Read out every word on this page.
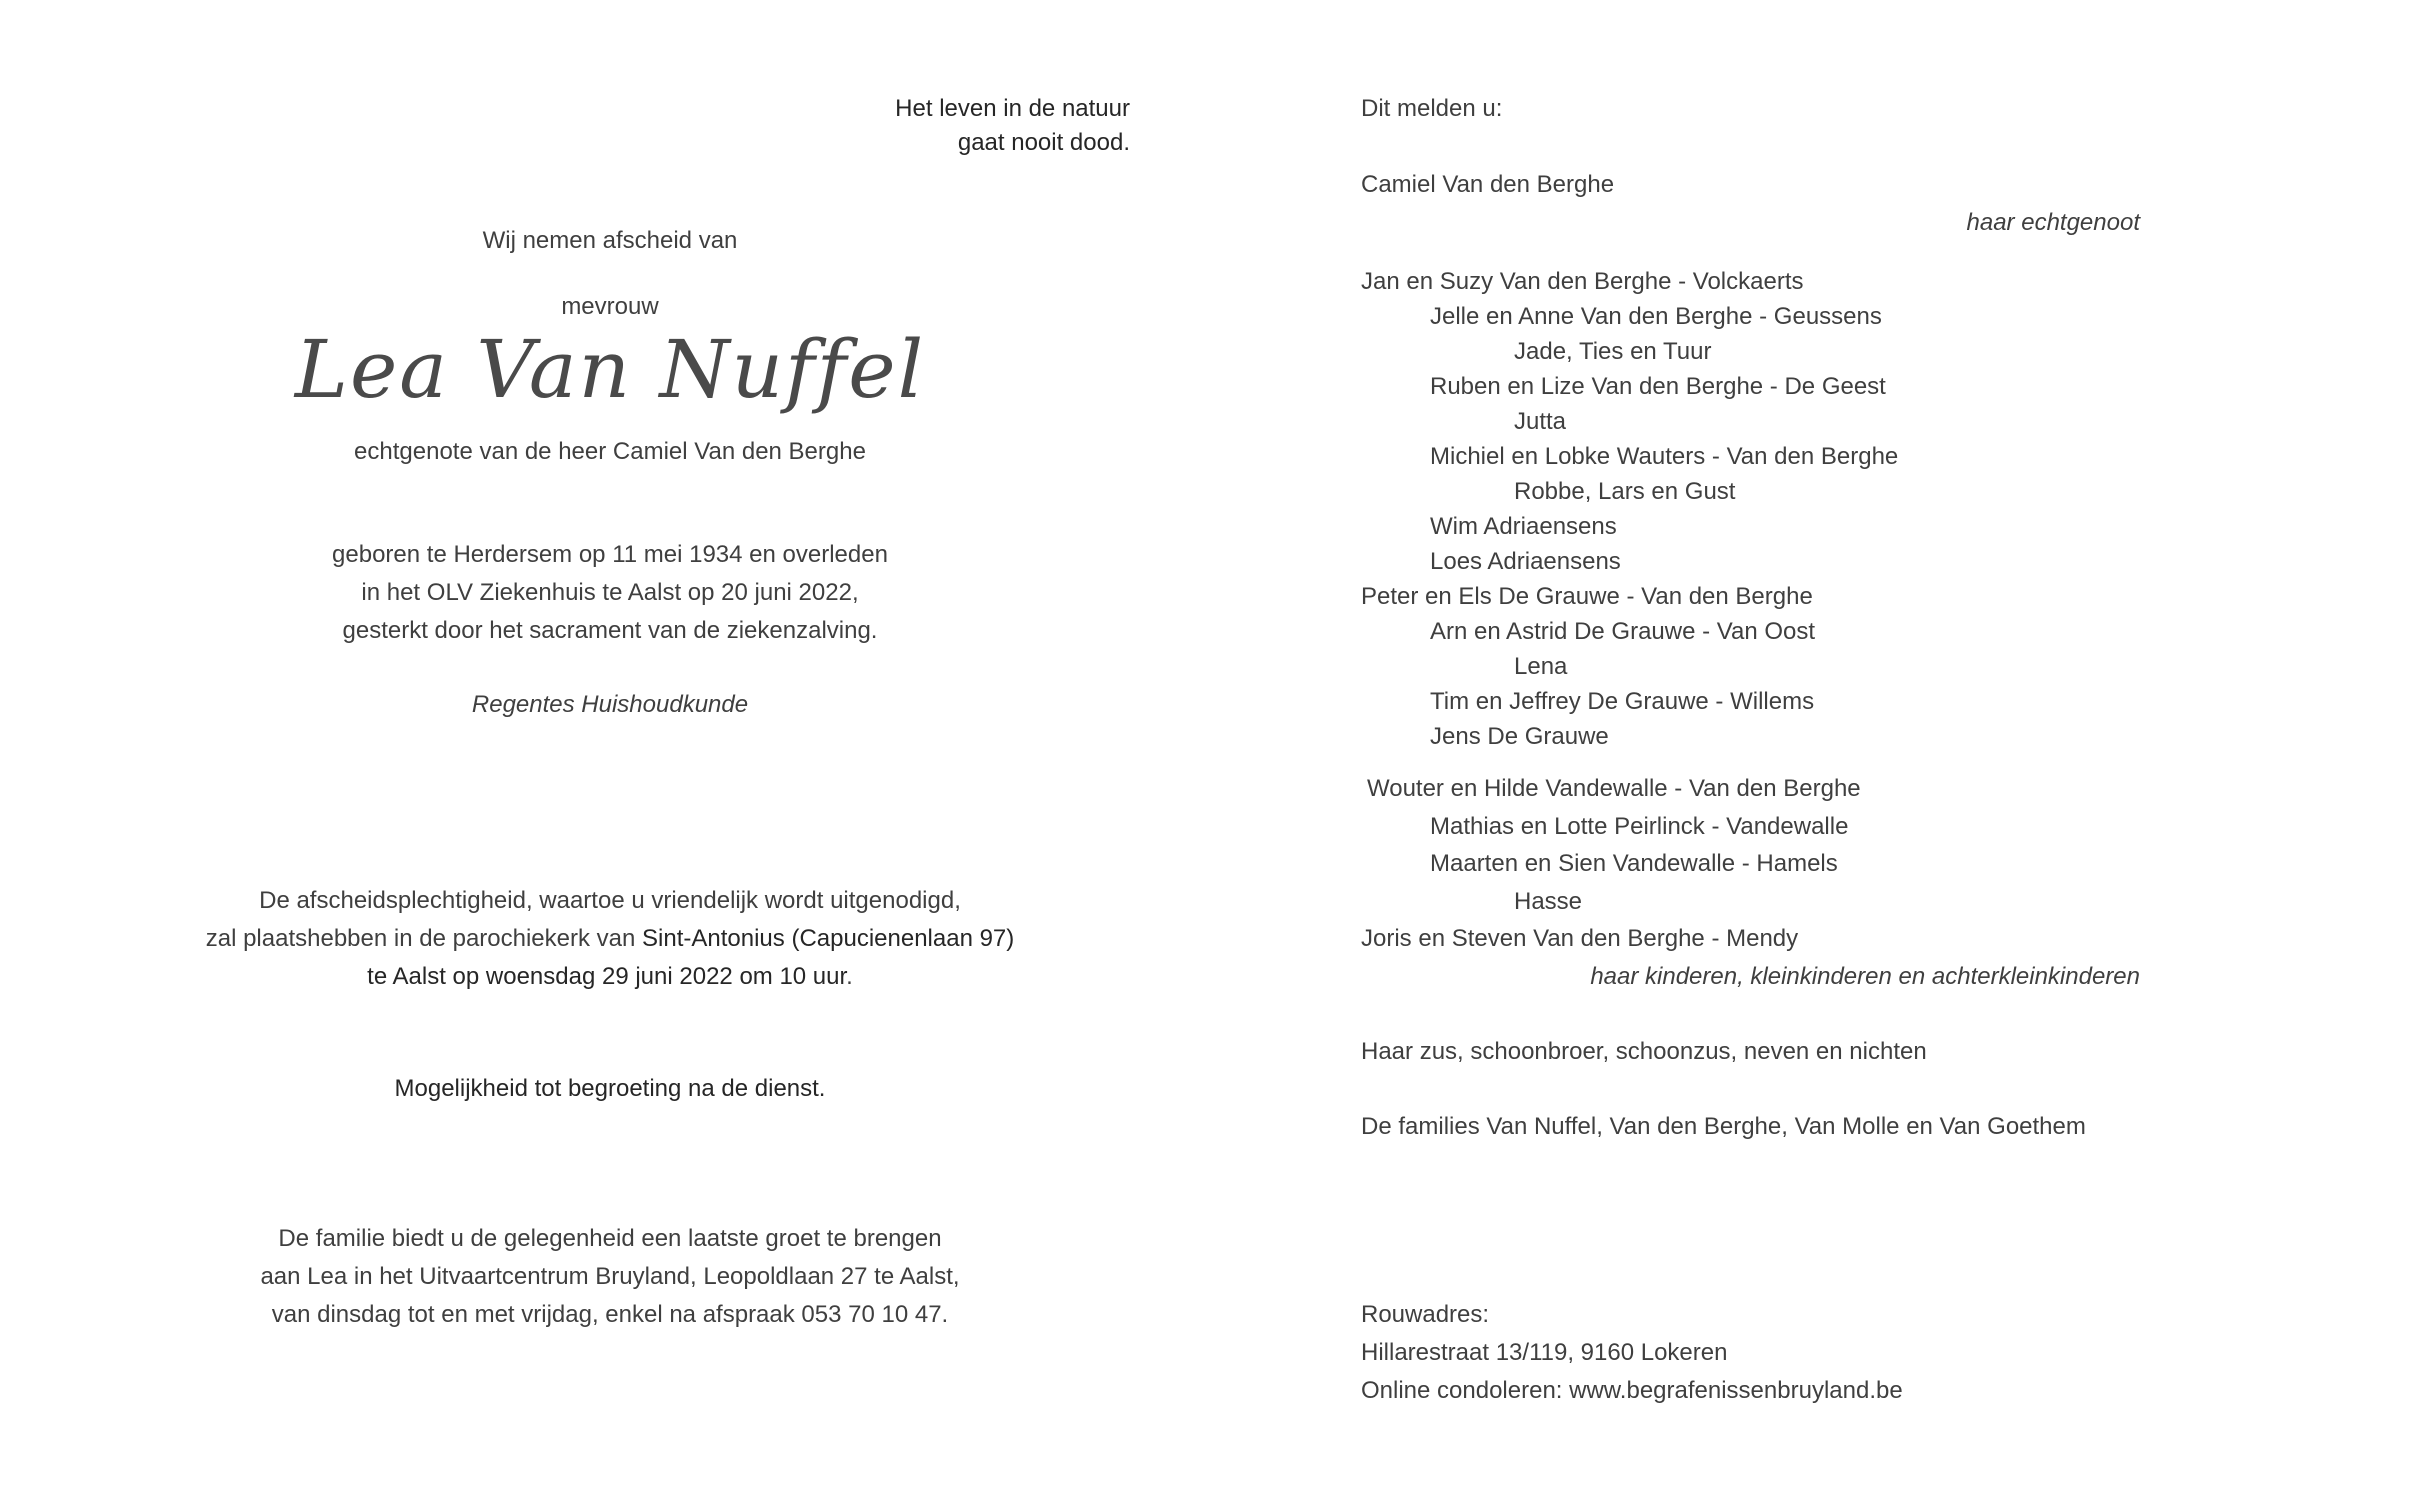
Het leven in de natuur
gaat nooit dood.
Wij nemen afscheid van
mevrouw
Lea Van Nuffel
echtgenote van de heer Camiel Van den Berghe
geboren te Herdersem op 11 mei 1934 en overleden
in het OLV Ziekenhuis te Aalst op 20 juni 2022,
gesterkt door het sacrament van de ziekenzalving.
Regentes Huishoudkunde
De afscheidsplechtigheid, waartoe u vriendelijk wordt uitgenodigd,
zal plaatshebben in de parochiekerk van Sint-Antonius (Capucienenlaan 97)
te Aalst op woensdag 29 juni 2022 om 10 uur.
Mogelijkheid tot begroeting na de dienst.
De familie biedt u de gelegenheid een laatste groet te brengen
aan Lea in het Uitvaartcentrum Bruyland, Leopoldlaan 27 te Aalst,
van dinsdag tot en met vrijdag, enkel na afspraak 053 70 10 47.
Dit melden u:
Camiel Van den Berghe
haar echtgenoot
Jan en Suzy Van den Berghe - Volckaerts
Jelle en Anne Van den Berghe - Geussens
Jade, Ties en Tuur
Ruben en Lize Van den Berghe - De Geest
Jutta
Michiel en Lobke Wauters - Van den Berghe
Robbe, Lars en Gust
Wim Adriaensens
Loes Adriaensens
Peter en Els De Grauwe - Van den Berghe
Arn en Astrid De Grauwe - Van Oost
Lena
Tim en Jeffrey De Grauwe - Willems
Jens De Grauwe
Wouter en Hilde Vandewalle - Van den Berghe
Mathias en Lotte Peirlinck - Vandewalle
Maarten en Sien Vandewalle - Hamels
Hasse
Joris en Steven Van den Berghe - Mendy
haar kinderen, kleinkinderen en achterkleinkinderen
Haar zus, schoonbroer, schoonzus, neven en nichten
De families Van Nuffel, Van den Berghe, Van Molle en Van Goethem
Rouwadres:
Hillarestraat 13/119, 9160 Lokeren
Online condoleren: www.begrafenissenbruyland.be
